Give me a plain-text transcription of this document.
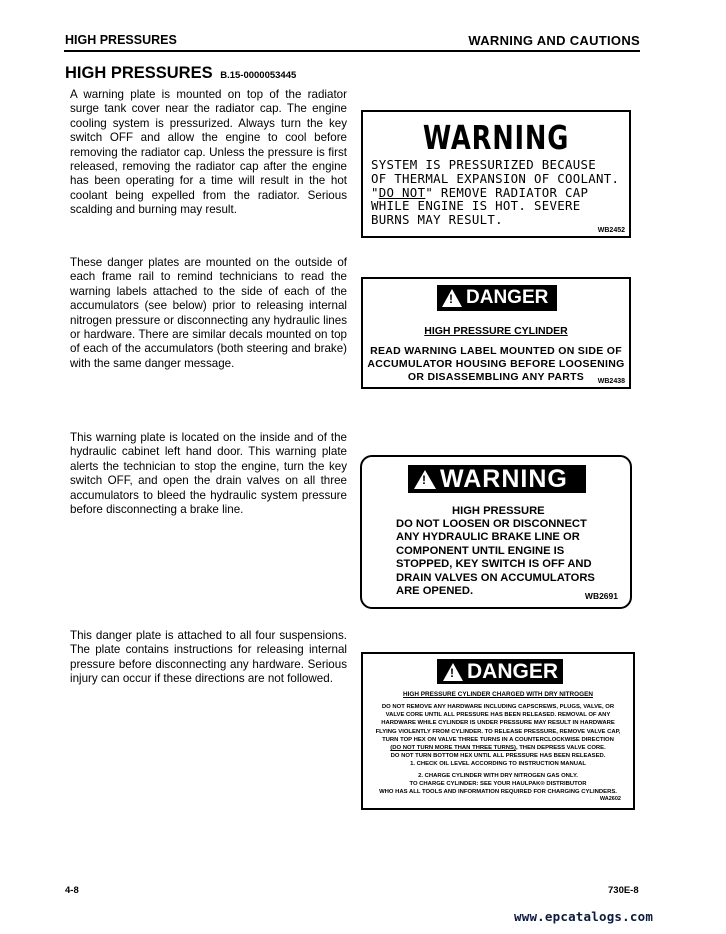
HIGH PRESSURES	WARNING AND CAUTIONS
HIGH PRESSURES B.15-0000053445
A warning plate is mounted on top of the radiator surge tank cover near the radiator cap. The engine cooling system is pressurized. Always turn the key switch OFF and allow the engine to cool before removing the radiator cap. Unless the pressure is first released, removing the radiator cap after the engine has been operating for a time will result in the hot coolant being expelled from the radiator. Serious scalding and burning may result.
These danger plates are mounted on the outside of each frame rail to remind technicians to read the warning labels attached to the side of each of the accumulators (see below) prior to releasing internal nitrogen pressure or disconnecting any hydraulic lines or hardware. There are similar decals mounted on top of each of the accumulators (both steering and brake) with the same danger message.
This warning plate is located on the inside and of the hydraulic cabinet left hand door. This warning plate alerts the technician to stop the engine, turn the key switch OFF, and open the drain valves on all three accumulators to bleed the hydraulic system pressure before disconnecting a brake line.
This danger plate is attached to all four suspensions. The plate contains instructions for releasing internal pressure before disconnecting any hardware. Serious injury can occur if these directions are not followed.
WARNING
SYSTEM IS PRESSURIZED BECAUSE
OF THERMAL EXPANSION OF COOLANT.
"DO NOT" REMOVE RADIATOR CAP
WHILE ENGINE IS HOT. SEVERE
BURNS MAY RESULT.
WB2452
!
DANGER
HIGH PRESSURE CYLINDER
READ WARNING LABEL MOUNTED ON SIDE OF
ACCUMULATOR HOUSING BEFORE LOOSENING
OR DISASSEMBLING ANY PARTS	WB2438
!
WARNING
HIGH PRESSURE
DO NOT LOOSEN OR DISCONNECT
ANY HYDRAULIC BRAKE LINE OR
COMPONENT UNTIL ENGINE IS
STOPPED, KEY SWITCH IS OFF AND
DRAIN VALVES ON ACCUMULATORS
ARE OPENED.	WB2691
!
DANGER
HIGH PRESSURE CYLINDER CHARGED WITH DRY NITROGEN
DO NOT REMOVE ANY HARDWARE INCLUDING CAPSCREWS, PLUGS, VALVE, OR
VALVE CORE UNTIL ALL PRESSURE HAS BEEN RELEASED. REMOVAL OF ANY
HARDWARE WHILE CYLINDER IS UNDER PRESSURE MAY RESULT IN HARDWARE
FLYING VIOLENTLY FROM CYLINDER. TO RELEASE PRESSURE, REMOVE VALVE CAP,
TURN TOP HEX ON VALVE THREE TURNS IN A COUNTERCLOCKWISE DIRECTION
(DO NOT TURN MORE THAN THREE TURNS), THEN DEPRESS VALVE CORE.
DO NOT TURN BOTTOM HEX UNTIL ALL PRESSURE HAS BEEN RELEASED.
1. CHECK OIL LEVEL ACCORDING TO INSTRUCTION MANUAL
2. CHARGE CYLINDER WITH DRY NITROGEN GAS ONLY.
TO CHARGE CYLINDER: SEE YOUR HAULPAK® DISTRIBUTOR
WHO HAS ALL TOOLS AND INFORMATION REQUIRED FOR CHARGING CYLINDERS.
WA2602
4-8	730E-8
www.epcatalogs.com
